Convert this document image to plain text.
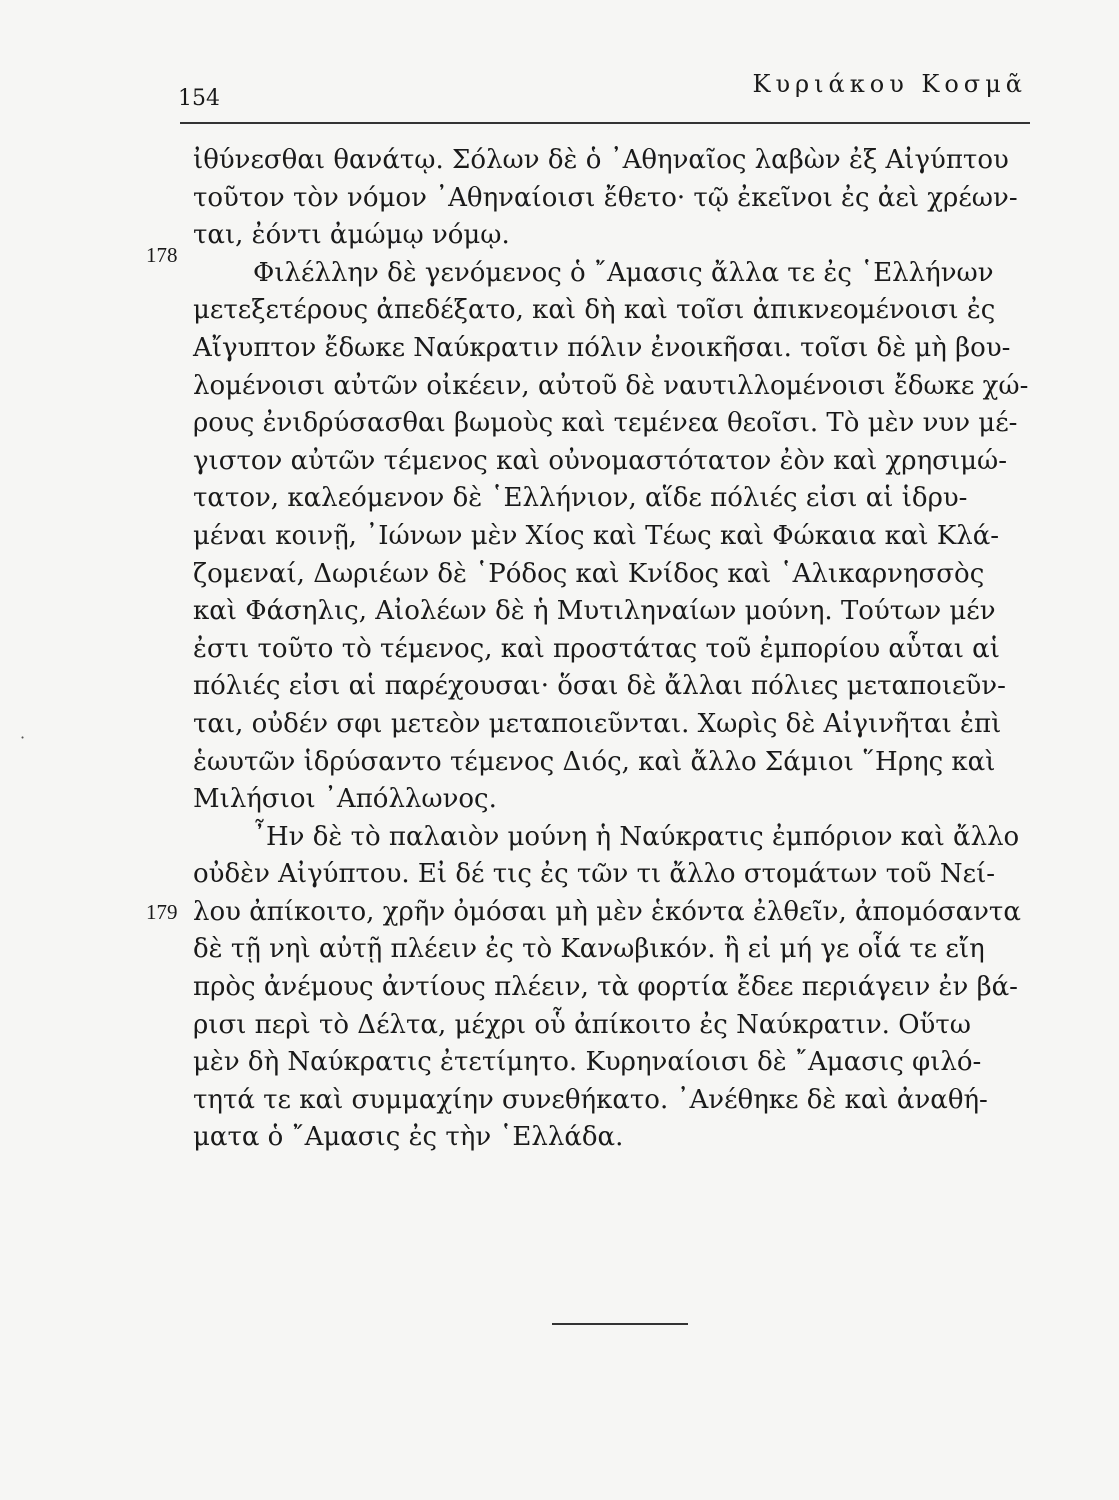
154
Κυριάκου Κοσμᾶ
178
179
ἰθύνεσθαι θανάτῳ. Σόλων δὲ ὁ ᾿Αθηναῖος λαβὼν ἐξ Αἰγύπτου
τοῦτον τὸν νόμον ᾿Αθηναίοισι ἔθετο· τῷ ἐκεῖνοι ἐς ἀεὶ χρέων-
ται, ἐόντι ἀμώμῳ νόμῳ.
Φιλέλλην δὲ γενόμενος ὁ ῎Αμασις ἄλλα τε ἐς ῾Ελλήνων
μετεξετέρους ἀπεδέξατο, καὶ δὴ καὶ τοῖσι ἀπικνεομένοισι ἐς
Αἴγυπτον ἔδωκε Ναύκρατιν πόλιν ἐνοικῆσαι. τοῖσι δὲ μὴ βου-
λομένοισι αὐτῶν οἰκέειν, αὐτοῦ δὲ ναυτιλλομένοισι ἔδωκε χώ-
ρους ἐνιδρύσασθαι βωμοὺς καὶ τεμένεα θεοῖσι. Τὸ μὲν νυν μέ-
γιστον αὐτῶν τέμενος καὶ οὐνομαστότατον ἐὸν καὶ χρησιμώ-
τατον, καλεόμενον δὲ ῾Ελλήνιον, αἵδε πόλιές εἰσι αἱ ἱδρυ-
μέναι κοινῇ, ᾿Ιώνων μὲν Χίος καὶ Τέως καὶ Φώκαια καὶ Κλά-
ζομεναί, Δωριέων δὲ ῾Ρόδος καὶ Κνίδος καὶ ῾Αλικαρνησσὸς
καὶ Φάσηλις, Αἰολέων δὲ ἡ Μυτιληναίων μούνη. Τούτων μέν
ἐστι τοῦτο τὸ τέμενος, καὶ προστάτας τοῦ ἐμπορίου αὗται αἱ
πόλιές εἰσι αἱ παρέχουσαι· ὅσαι δὲ ἄλλαι πόλιες μεταποιεῦν-
ται, οὐδέν σφι μετεὸν μεταποιεῦνται. Χωρὶς δὲ Αἰγινῆται ἐπὶ
ἑωυτῶν ἱδρύσαντο τέμενος Διός, καὶ ἄλλο Σάμιοι ῞Ηρης καὶ
Μιλήσιοι ᾿Απόλλωνος.
῏Ην δὲ τὸ παλαιὸν μούνη ἡ Ναύκρατις ἐμπόριον καὶ ἄλλο
οὐδὲν Αἰγύπτου. Εἰ δέ τις ἐς τῶν τι ἄλλο στομάτων τοῦ Νεί-
λου ἀπίκοιτο, χρῆν ὀμόσαι μὴ μὲν ἑκόντα ἐλθεῖν, ἀπομόσαντα
δὲ τῇ νηὶ αὐτῇ πλέειν ἐς τὸ Κανωβικόν. ἢ εἰ μή γε οἷά τε εἴη
πρὸς ἀνέμους ἀντίους πλέειν, τὰ φορτία ἔδεε περιάγειν ἐν βά-
ρισι περὶ τὸ Δέλτα, μέχρι οὗ ἀπίκοιτο ἐς Ναύκρατιν. Οὕτω
μὲν δὴ Ναύκρατις ἐτετίμητο. Κυρηναίοισι δὲ ῎Αμασις φιλό-
τητά τε καὶ συμμαχίην συνεθήκατο. ᾿Ανέθηκε δὲ καὶ ἀναθή-
ματα ὁ ῎Αμασις ἐς τὴν ῾Ελλάδα.
·
